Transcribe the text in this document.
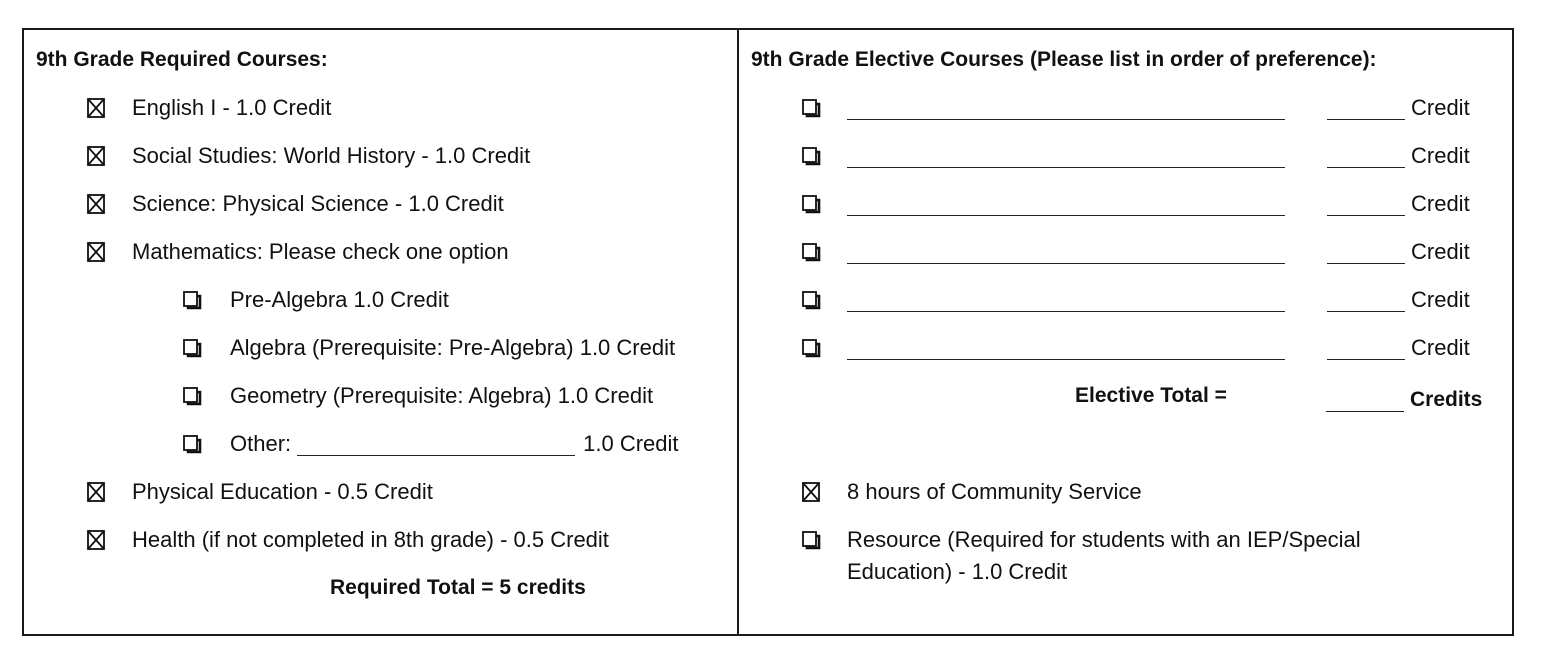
9th Grade Required Courses:
English I - 1.0 Credit
Social Studies: World History - 1.0 Credit
Science: Physical Science - 1.0 Credit
Mathematics: Please check one option
Pre-Algebra 1.0 Credit
Algebra (Prerequisite: Pre-Algebra) 1.0 Credit
Geometry (Prerequisite: Algebra) 1.0 Credit
Other:	1.0 Credit
Physical Education - 0.5 Credit
Health (if not completed in 8th grade) - 0.5 Credit
Required Total = 5 credits
9th Grade Elective Courses (Please list in order of preference):
Credit
Credit
Credit
Credit
Credit
Credit
Elective Total =	Credits
8 hours of Community Service
Resource (Required for students with an IEP/Special Education) - 1.0 Credit
